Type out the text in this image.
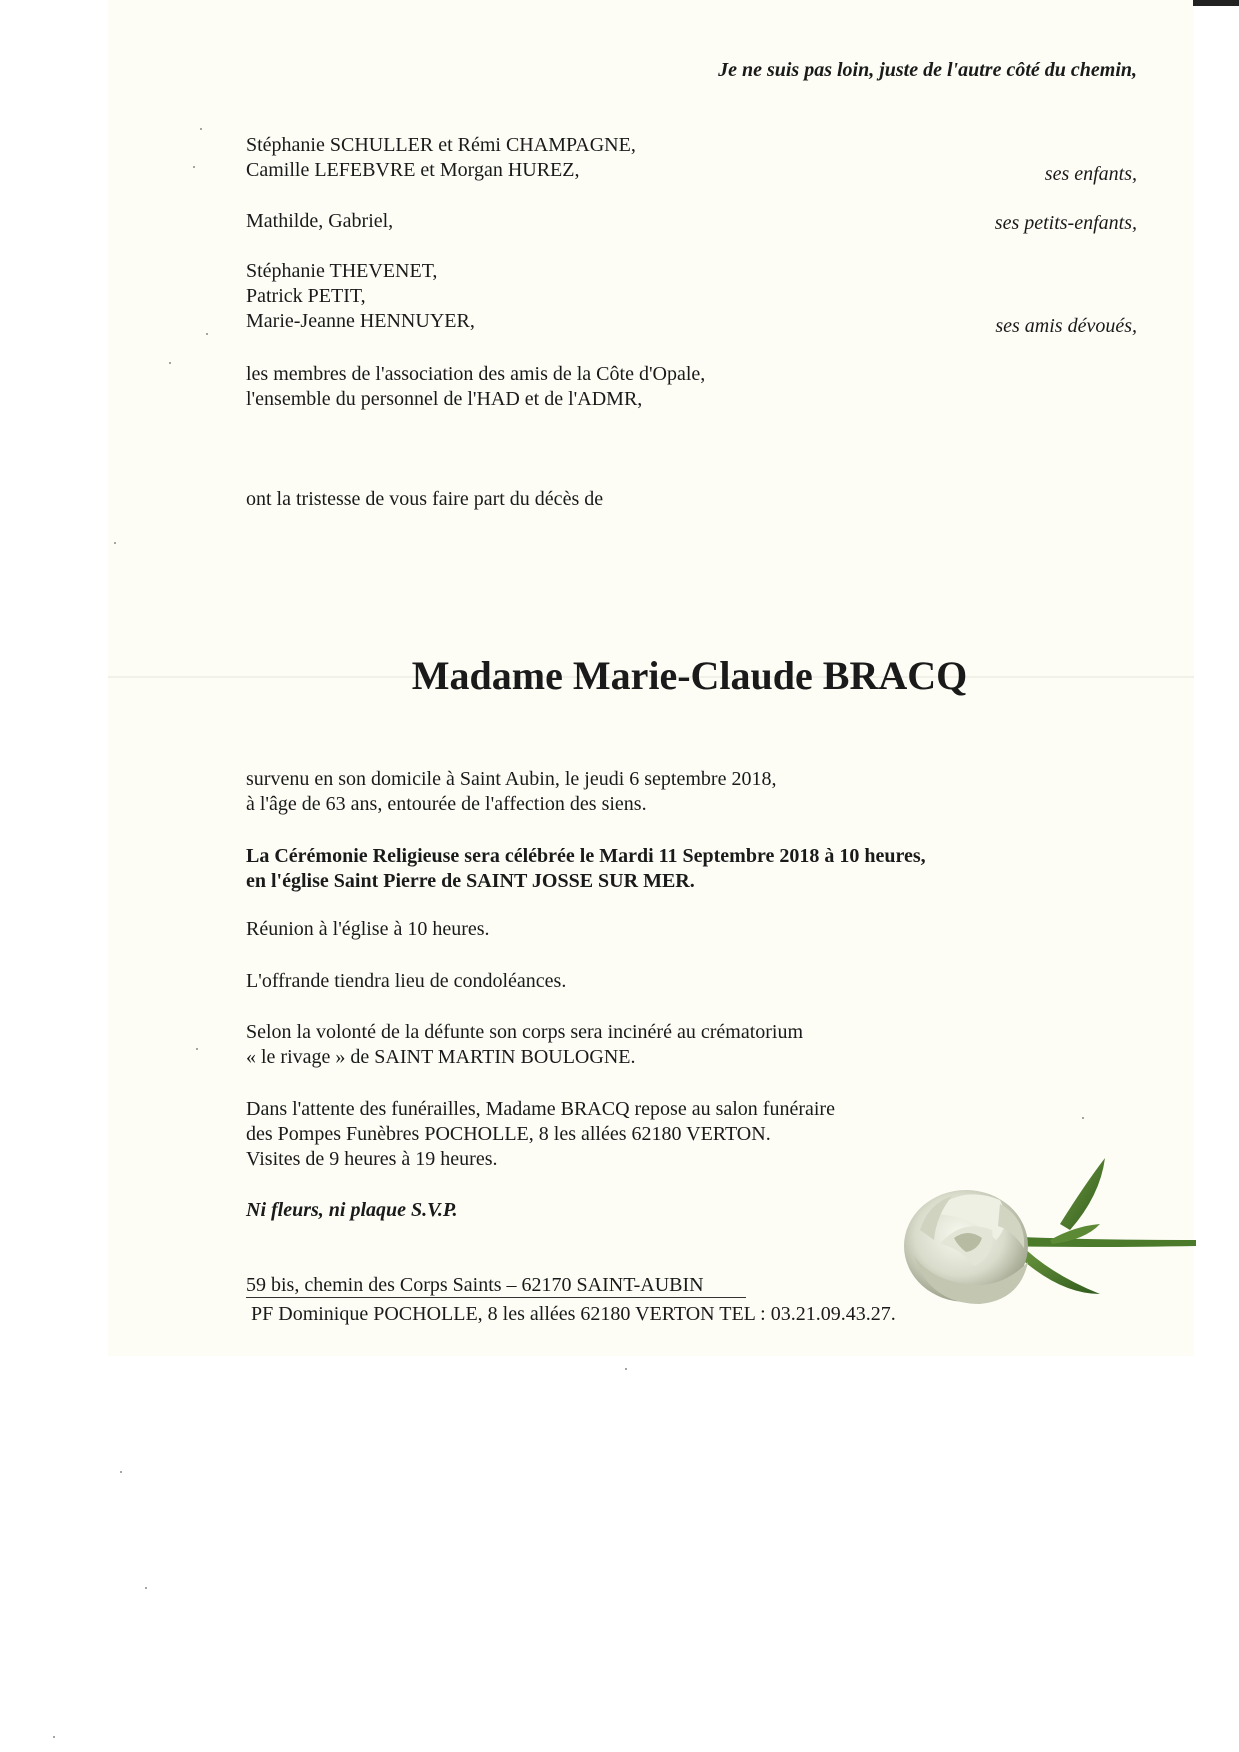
Je ne suis pas loin, juste de l'autre côté du chemin,

Stéphanie SCHULLER et Rémi CHAMPAGNE,

Camille LEFEBVRE et Morgan HUREZ,	ses enfants,

Mathilde, Gabriel,	ses petits-enfants,

Stéphanie THEVENET,

Patrick PETIT,

Marie-Jeanne HENNUYER,	ses amis dévoués,

les membres de l'association des amis de la Côte d'Opale,

l'ensemble du personnel de l'HAD et de l'ADMR,

ont la tristesse de vous faire part du décès de

Madame Marie-Claude BRACQ

survenu en son domicile à Saint Aubin, le jeudi 6 septembre 2018,

à l'âge de 63 ans, entourée de l'affection des siens.

La Cérémonie Religieuse sera célébrée le Mardi 11 Septembre 2018 à 10 heures,

en l'église Saint Pierre de SAINT JOSSE SUR MER.

Réunion à l'église à 10 heures.

L'offrande tiendra lieu de condoléances.

Selon la volonté de la défunte son corps sera incinéré au crématorium

« le rivage » de SAINT MARTIN BOULOGNE.

Dans l'attente des funérailles, Madame BRACQ repose au salon funéraire

des Pompes Funèbres POCHOLLE, 8 les allées 62180 VERTON.

Visites de 9 heures à 19 heures.

Ni fleurs, ni plaque S.V.P.

59 bis, chemin des Corps Saints – 62170 SAINT-AUBIN

PF Dominique POCHOLLE, 8 les allées 62180 VERTON TEL : 03.21.09.43.27.
